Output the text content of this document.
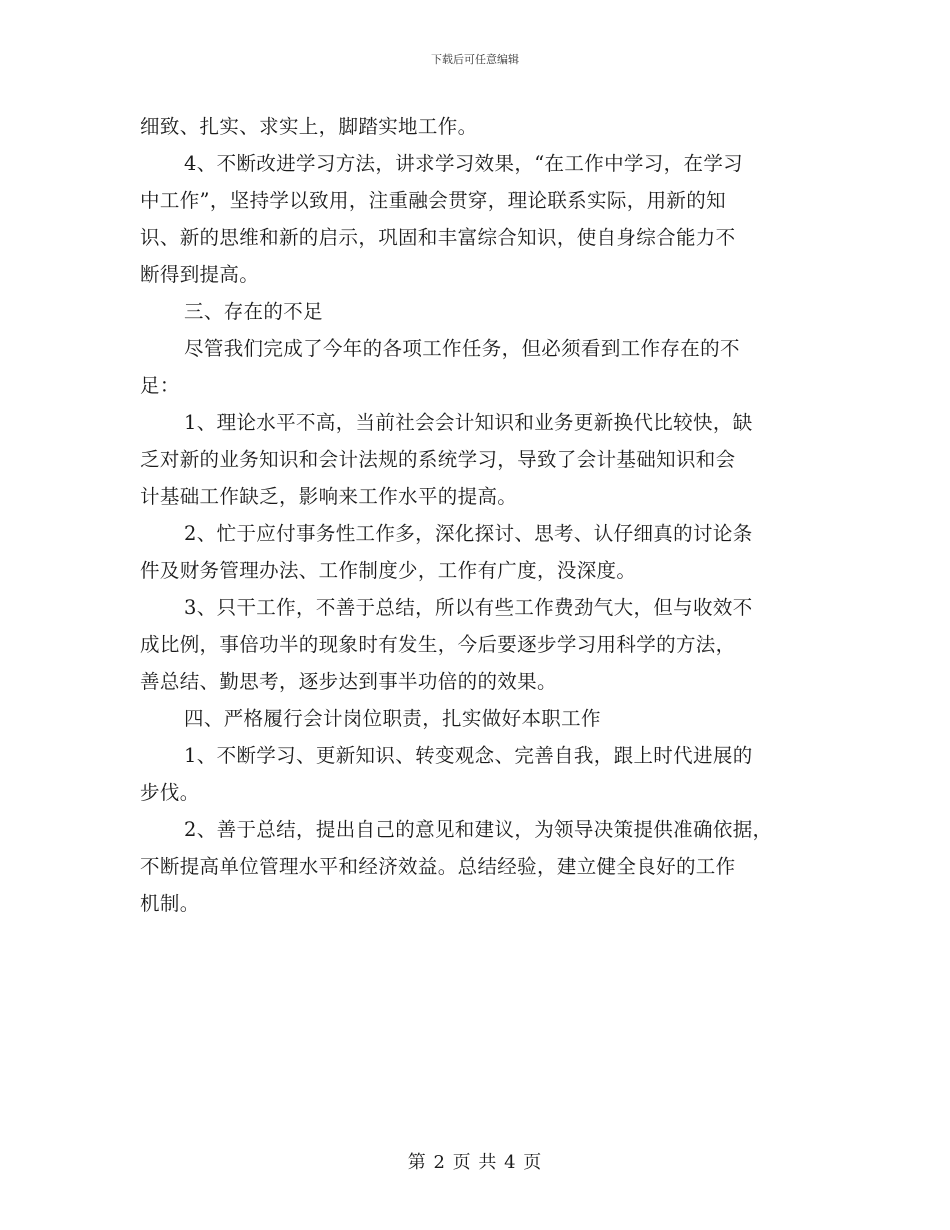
下载后可任意编辑
细致、扎实、求实上，脚踏实地工作。
4、不断改进学习方法，讲求学习效果，“在工作中学习，在学习
中工作”，坚持学以致用，注重融会贯穿，理论联系实际，用新的知
识、新的思维和新的启示，巩固和丰富综合知识，使自身综合能力不
断得到提高。
三、存在的不足
尽管我们完成了今年的各项工作任务，但必须看到工作存在的不
足：
1、理论水平不高，当前社会会计知识和业务更新换代比较快，缺
乏对新的业务知识和会计法规的系统学习，导致了会计基础知识和会
计基础工作缺乏，影响来工作水平的提高。
2、忙于应付事务性工作多，深化探讨、思考、认仔细真的讨论条
件及财务管理办法、工作制度少，工作有广度，没深度。
3、只干工作，不善于总结，所以有些工作费劲气大，但与收效不
成比例，事倍功半的现象时有发生，今后要逐步学习用科学的方法，
善总结、勤思考，逐步达到事半功倍的的效果。
四、严格履行会计岗位职责，扎实做好本职工作
1、不断学习、更新知识、转变观念、完善自我，跟上时代进展的
步伐。
2、善于总结，提出自己的意见和建议，为领导决策提供准确依据，
不断提高单位管理水平和经济效益。总结经验，建立健全良好的工作
机制。
第 2 页 共 4 页
